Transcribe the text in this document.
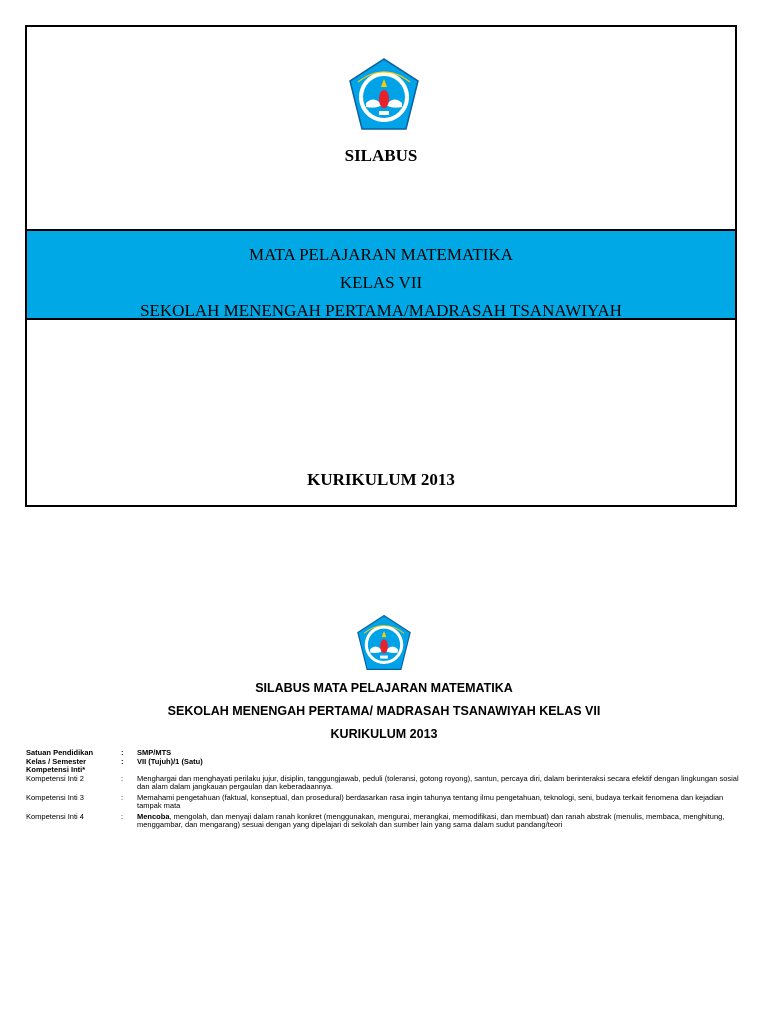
SILABUS
MATA PELAJARAN MATEMATIKA
KELAS VII
SEKOLAH MENENGAH PERTAMA/MADRASAH TSANAWIYAH
KURIKULUM 2013
SILABUS MATA PELAJARAN MATEMATIKA
SEKOLAH MENENGAH PERTAMA/ MADRASAH TSANAWIYAH KELAS VII
KURIKULUM 2013
Satuan Pendidikan	: SMP/MTS
Kelas / Semester	: VII (Tujuh)/1 (Satu)
Kompetensi Inti*
Kompetensi Inti 2	: Menghargai dan menghayati perilaku jujur, disiplin, tanggungjawab, peduli (toleransi, gotong royong), santun, percaya diri, dalam berinteraksi secara efektif dengan lingkungan sosial dan alam dalam jangkauan pergaulan dan keberadaannya.
Kompetensi Inti 3	: Memahami pengetahuan (faktual, konseptual, dan prosedural) berdasarkan rasa ingin tahunya tentang ilmu pengetahuan, teknologi, seni, budaya terkait fenomena dan kejadian tampak mata
Kompetensi Inti 4	: Mencoba, mengolah, dan menyaji dalam ranah konkret (menggunakan, mengurai, merangkai, memodifikasi, dan membuat) dan ranah abstrak (menulis, membaca, menghitung, menggambar, dan mengarang) sesuai dengan yang dipelajari di sekolah dan sumber lain yang sama dalam sudut pandang/teori
